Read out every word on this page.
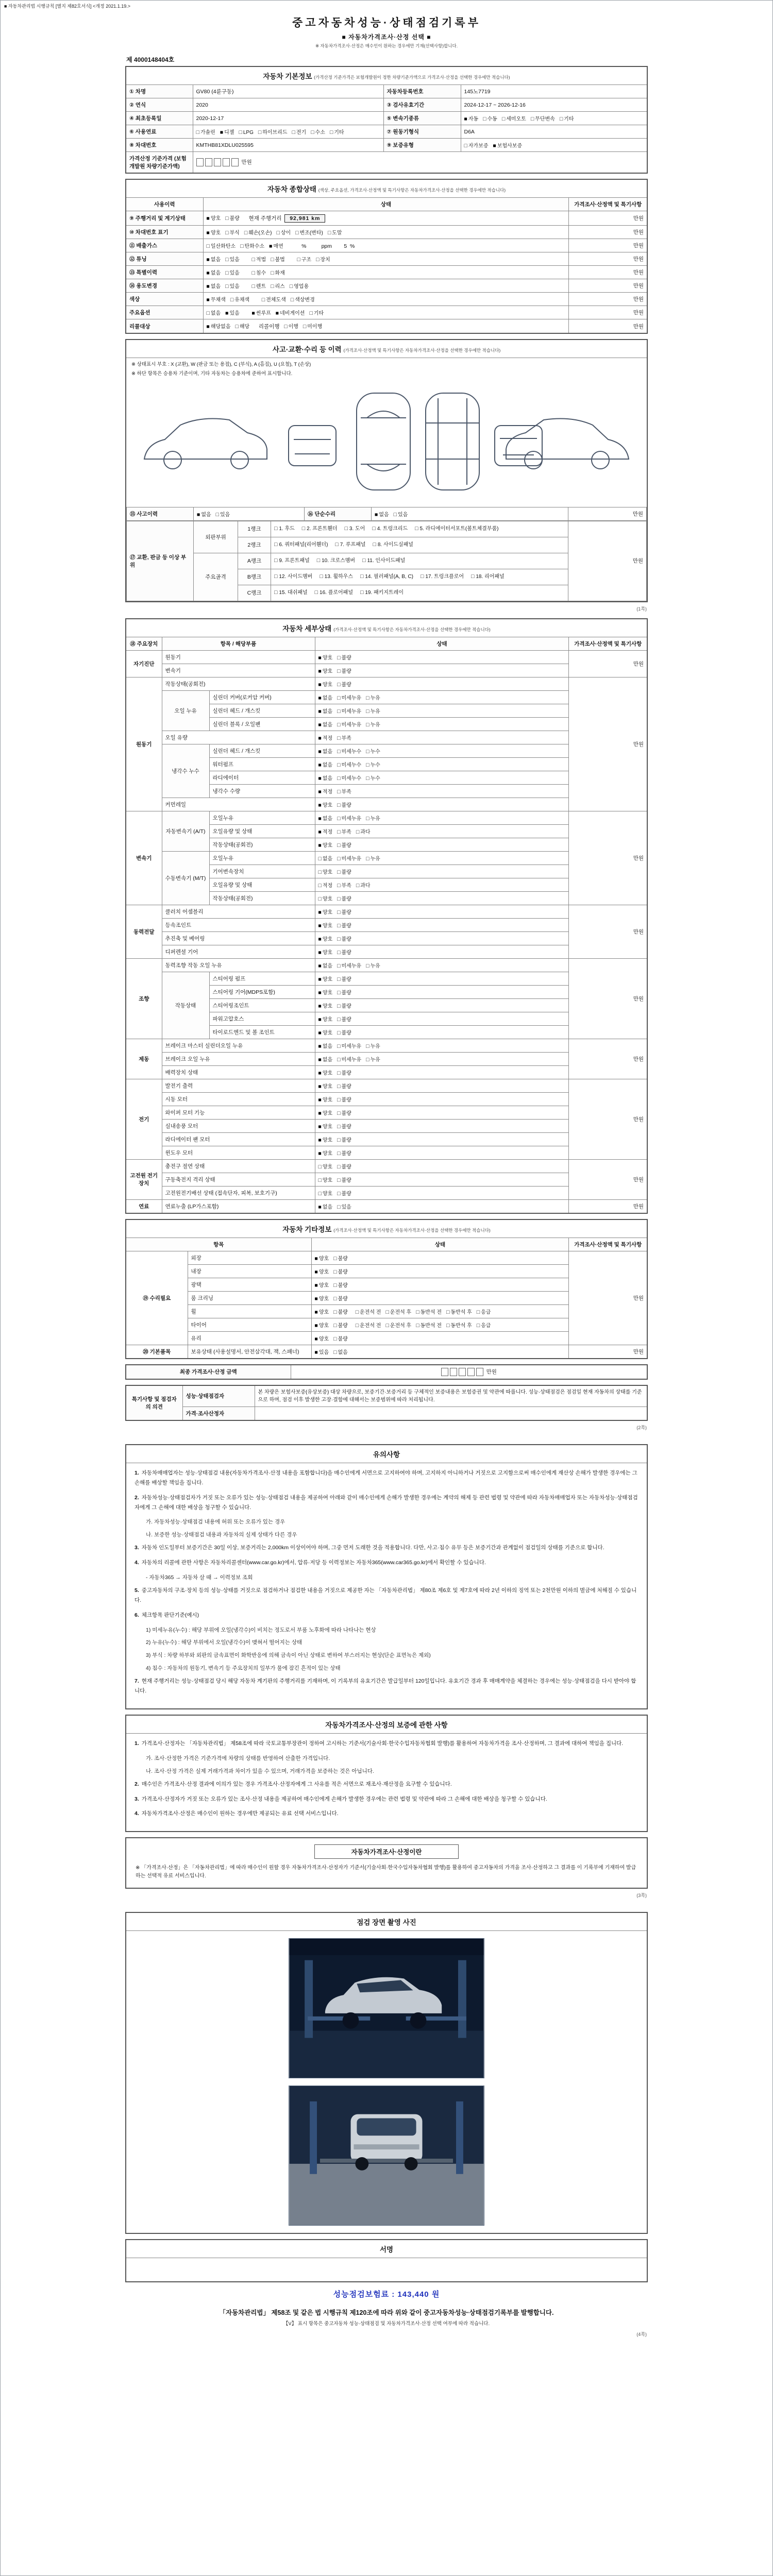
■ 자동차관리법 시행규칙 [별지 제82호서식] <개정 2021.1.19.>
중고자동차성능·상태점검기록부
■ 자동차가격조사·산정 선택 ■
※ 자동차가격조사·산정은 매수인이 원하는 경우에만 기재(선택사항)합니다.
제 4000148404호
자동차 기본정보 (가격산정 기준가격은 보험개발원이 정한 차량기준가액으로 가격조사·산정을 선택한 경우에만 적습니다)			
① 차명	GV80 (4륜구동)	자동차등록번호	145노7719
② 연식	2020	③ 검사유효기간	2024-12-17 ~ 2026-12-16
④ 최초등록일	2020-12-17	⑤ 변속기종류	■ 자동 □ 수동 □ 세미오토 □ 무단변속 □ 기타
⑥ 사용연료	□ 가솔린 ■ 디젤 □ LPG □ 하이브리드 □ 전기 □ 수소 □ 기타	⑦ 원동기형식	D6A
⑧ 차대번호	KMTHB81XDLU025595	⑨ 보증유형	□ 자가보증 ■ 보험사보증
가격산정 기준가격 (보험개발원 차량기준가액)	만원		
자동차 종합상태 (색상, 주요옵션, 가격조사·산정액 및 특기사항은 자동차가격조사·산정을 선택한 경우에만 적습니다)		
사용이력	상태	가격조사·산정액 및 특기사항
⑨ 주행거리 및 계기상태	■ 양호 □ 불량   현재 주행거리  92,981 km	만원
⑩ 차대번호 표기	■ 양호 □ 부식 □ 훼손(오손) □ 상이 □ 변조(변타) □ 도말	만원
⑪ 배출가스	□ 일산화탄소 □ 탄화수소 ■ 매연         %          ppm        5  %	만원
⑫ 튜닝	■ 없음 □ 있음 □ 적법 □ 불법 □ 구조 □ 장치	만원
⑬ 특별이력	■ 없음 □ 있음 □ 침수 □ 화재	만원
⑭ 용도변경	■ 없음 □ 있음 □ 렌트 □ 리스 □ 영업용	만원
색상	■ 무채색 □ 유채색 □ 전체도색 □ 색상변경	만원
주요옵션	□ 없음 ■ 있음 ■ 썬루프 ■ 네비게이션 □ 기타	만원
리콜대상	■ 해당없음 □ 해당   리콜이행   □ 이행 □ 미이행	만원
사고·교환·수리 등 이력 (가격조사·산정액 및 특기사항은 자동차가격조사·산정을 선택한 경우에만 적습니다)
※ 상태표시 부호 : X (교환), W (판금 또는 용접), C (부식), A (흠집), U (요철), T (손상)
※ 하단 항목은 승용차 기준이며, 기타 자동차는 승용차에 준하여 표시합니다.
⑮ 사고이력	■ 없음 □ 있음	⑯ 단순수리	■ 없음 □ 있음	만원
⑰ 교환, 판금 등 이상 부위	외판부위	1랭크	□ 1. 후드 □ 2. 프론트휀더 □ 3. 도어 □ 4. 트렁크리드 □ 5. 라디에이터서포트(볼트체결부품)	만원
		2랭크	□ 6. 쿼터패널(리어휀더) □ 7. 루프패널 □ 8. 사이드실패널	
	주요골격	A랭크	□ 9. 프론트패널 □ 10. 크로스멤버 □ 11. 인사이드패널	
		B랭크	□ 12. 사이드멤버 □ 13. 휠하우스 □ 14. 필러패널(A, B, C) □ 17. 트렁크플로어 □ 18. 리어패널	
		C랭크	□ 15. 대쉬패널 □ 16. 플로어패널 □ 19. 패키지트레이	
(1쪽)
자동차 세부상태 (가격조사·산정액 및 특기사항은 자동차가격조사·산정을 선택한 경우에만 적습니다)				
⑱ 주요장치	항목 / 해당부품		상태	가격조사·산정액 및 특기사항
자기진단	원동기		■ 양호 □ 불량	만원
	변속기		■ 양호 □ 불량	
원동기	작동상태(공회전)		■ 양호 □ 불량	만원
	오일 누유	실린더 커버(로커암 커버)	■ 없음 □ 미세누유 □ 누유	
		실린더 헤드 / 개스킷	■ 없음 □ 미세누유 □ 누유	
		실린더 블록 / 오일팬	■ 없음 □ 미세누유 □ 누유	
	오일 유량		■ 적정 □ 부족	
	냉각수 누수	실린더 헤드 / 개스킷	■ 없음 □ 미세누수 □ 누수	
		워터펌프	■ 없음 □ 미세누수 □ 누수	
		라디에이터	■ 없음 □ 미세누수 □ 누수	
		냉각수 수량	■ 적정 □ 부족	
	커먼레일		■ 양호 □ 불량	
변속기	자동변속기 (A/T)	오일누유	■ 없음 □ 미세누유 □ 누유	만원
		오일유량 및 상태	■ 적정 □ 부족 □ 과다	
		작동상태(공회전)	■ 양호 □ 불량	
	수동변속기 (M/T)	오일누유	□ 없음 □ 미세누유 □ 누유	
		기어변속장치	□ 양호 □ 불량	
		오일유량 및 상태	□ 적정 □ 부족 □ 과다	
		작동상태(공회전)	□ 양호 □ 불량	
동력전달	클러치 어셈블리		■ 양호 □ 불량	만원
	등속조인트		■ 양호 □ 불량	
	추진축 및 베어링		■ 양호 □ 불량	
	디퍼렌셜 기어		■ 양호 □ 불량	
조향	동력조향 작동 오일 누유		■ 없음 □ 미세누유 □ 누유	만원
	작동상태	스티어링 펌프	■ 양호 □ 불량	
		스티어링 기어(MDPS포함)	■ 양호 □ 불량	
		스티어링조인트	■ 양호 □ 불량	
		파워고압호스	■ 양호 □ 불량	
		타이로드엔드 및 볼 조인트	■ 양호 □ 불량	
제동	브레이크 마스터 실린더오일 누유		■ 없음 □ 미세누유 □ 누유	만원
	브레이크 오일 누유		■ 없음 □ 미세누유 □ 누유	
	배력장치 상태		■ 양호 □ 불량	
전기	발전기 출력		■ 양호 □ 불량	만원
	시동 모터		■ 양호 □ 불량	
	와이퍼 모터 기능		■ 양호 □ 불량	
	실내송풍 모터		■ 양호 □ 불량	
	라디에이터 팬 모터		■ 양호 □ 불량	
	윈도우 모터		■ 양호 □ 불량	
고전원 전기장치	충전구 절연 상태		□ 양호 □ 불량	만원
	구동축전지 격리 상태		□ 양호 □ 불량	
	고전원전기배선 상태 (접속단자, 피복, 보호기구)		□ 양호 □ 불량	
연료	연료누출 (LP가스포함)		■ 없음 □ 있음	만원
자동차 기타정보 (가격조사·산정액 및 특기사항은 자동차가격조사·산정을 선택한 경우에만 적습니다)			
항목		상태	가격조사·산정액 및 특기사항
⑲ 수리필요	외장	■ 양호 □ 불량	만원
	내장	■ 양호 □ 불량	
	광택	■ 양호 □ 불량	
	룸 크리닝	■ 양호 □ 불량	
	휠	■ 양호 □ 불량 □ 운전석 전 □ 운전석 후 □ 동반석 전 □ 동반석 후 □ 응급	
	타이어	■ 양호 □ 불량 □ 운전석 전 □ 운전석 후 □ 동반석 전 □ 동반석 후 □ 응급	
	유리	■ 양호 □ 불량	
⑳ 기본품목	보유상태 (사용설명서, 안전삼각대, 잭, 스패너)	■ 있음 □ 없음	만원
최종 가격조사·산정 금액	만원
특기사항 및 점검자의 의견	성능·상태점검자	본 차량은 보험사보증(유상보증) 대상 차량으로, 보증기간·보증거리 등 구체적인 보증내용은 보험증권 및 약관에 따릅니다. 성능·상태점검은 점검일 현재 자동차의 상태를 기준으로 하며, 점검 이후 발생한 고장·결함에 대해서는 보증범위에 따라 처리됩니다.
	가격·조사산정자	
(2쪽)
유의사항
1. 자동차매매업자는 성능·상태점검 내용(자동차가격조사·산정 내용을 포함합니다)을 매수인에게 서면으로 고지하여야 하며, 고지하지 아니하거나 거짓으로 고지함으로써 매수인에게 재산상 손해가 발생한 경우에는 그 손해를 배상할 책임을 집니다.
2. 자동차성능·상태점검자가 거짓 또는 오류가 있는 성능·상태점검 내용을 제공하여 아래와 같이 매수인에게 손해가 발생한 경우에는 계약의 해제 등 관련 법령 및 약관에 따라 자동차매매업자 또는 자동차성능·상태점검자에게 그 손해에 대한 배상을 청구할 수 있습니다.
가. 자동차성능·상태점검 내용에 허위 또는 오류가 있는 경우
나. 보증한 성능·상태점검 내용과 자동차의 실제 상태가 다른 경우
3. 자동차 인도일부터 보증기간은 30일 이상, 보증거리는 2,000km 이상이어야 하며, 그중 먼저 도래한 것을 적용합니다. 다만, 사고·침수 유무 등은 보증기간과 관계없이 점검일의 상태를 기준으로 합니다.
4. 자동차의 리콜에 관한 사항은 자동차리콜센터(www.car.go.kr)에서, 압류·저당 등 이력정보는 자동차365(www.car365.go.kr)에서 확인할 수 있습니다.
- 자동차365 → 자동차 살 때 → 이력정보 조회
5. 중고자동차의 구조·장치 등의 성능·상태를 거짓으로 점검하거나 점검한 내용을 거짓으로 제공한 자는 「자동차관리법」 제80조 제6호 및 제7호에 따라 2년 이하의 징역 또는 2천만원 이하의 벌금에 처해질 수 있습니다.
6. 체크항목 판단기준(예시)
1) 미세누유(누수) : 해당 부위에 오일(냉각수)이 비치는 정도로서 부품 노후화에 따라 나타나는 현상
2) 누유(누수) : 해당 부위에서 오일(냉각수)이 맺혀서 떨어지는 상태
3) 부식 : 차량 하부와 외판의 금속표면이 화학반응에 의해 금속이 아닌 상태로 변하여 부스러지는 현상(단순 표면녹은 제외)
4) 침수 : 자동차의 원동기, 변속기 등 주요장치의 일부가 물에 잠긴 흔적이 있는 상태
7. 현재 주행거리는 성능·상태점검 당시 해당 자동차 계기판의 주행거리를 기재하며, 이 기록부의 유효기간은 발급일부터 120일입니다. 유효기간 경과 후 매매계약을 체결하는 경우에는 성능·상태점검을 다시 받아야 합니다.
자동차가격조사·산정의 보증에 관한 사항
1. 가격조사·산정자는 「자동차관리법」 제58조에 따라 국토교통부장관이 정하여 고시하는 기준서(기술사회·한국수입자동차협회 발행)를 활용하여 자동차가격을 조사·산정하며, 그 결과에 대하여 책임을 집니다.
가. 조사·산정한 가격은 기준가격에 차량의 상태를 반영하여 산출한 가격입니다.
나. 조사·산정 가격은 실제 거래가격과 차이가 있을 수 있으며, 거래가격을 보증하는 것은 아닙니다.
2. 매수인은 가격조사·산정 결과에 이의가 있는 경우 가격조사·산정자에게 그 사유를 적은 서면으로 재조사·재산정을 요구할 수 있습니다.
3. 가격조사·산정자가 거짓 또는 오류가 있는 조사·산정 내용을 제공하여 매수인에게 손해가 발생한 경우에는 관련 법령 및 약관에 따라 그 손해에 대한 배상을 청구할 수 있습니다.
4. 자동차가격조사·산정은 매수인이 원하는 경우에만 제공되는 유료 선택 서비스입니다.
자동차가격조사·산정이란
※ 「가격조사·산정」은 「자동차관리법」에 따라 매수인이 원할 경우 자동차가격조사·산정자가 기준서(기술사회·한국수입자동차협회 발행)를 활용하여 중고자동차의 가격을 조사·산정하고 그 결과를 이 기록부에 기재하여 발급하는 선택적 유료 서비스입니다.
(3쪽)
점검 장면 촬영 사진
서명

성능점검보험료 : 143,440 원
「자동차관리법」 제58조 및 같은 법 시행규칙 제120조에 따라 위와 같이 중고자동차성능·상태점검기록부를 발행합니다.
【V】 표시 항목은 중고자동차 성능·상태점검 및 자동차가격조사·산정 선택 여부에 따라 적습니다.
(4쪽)
